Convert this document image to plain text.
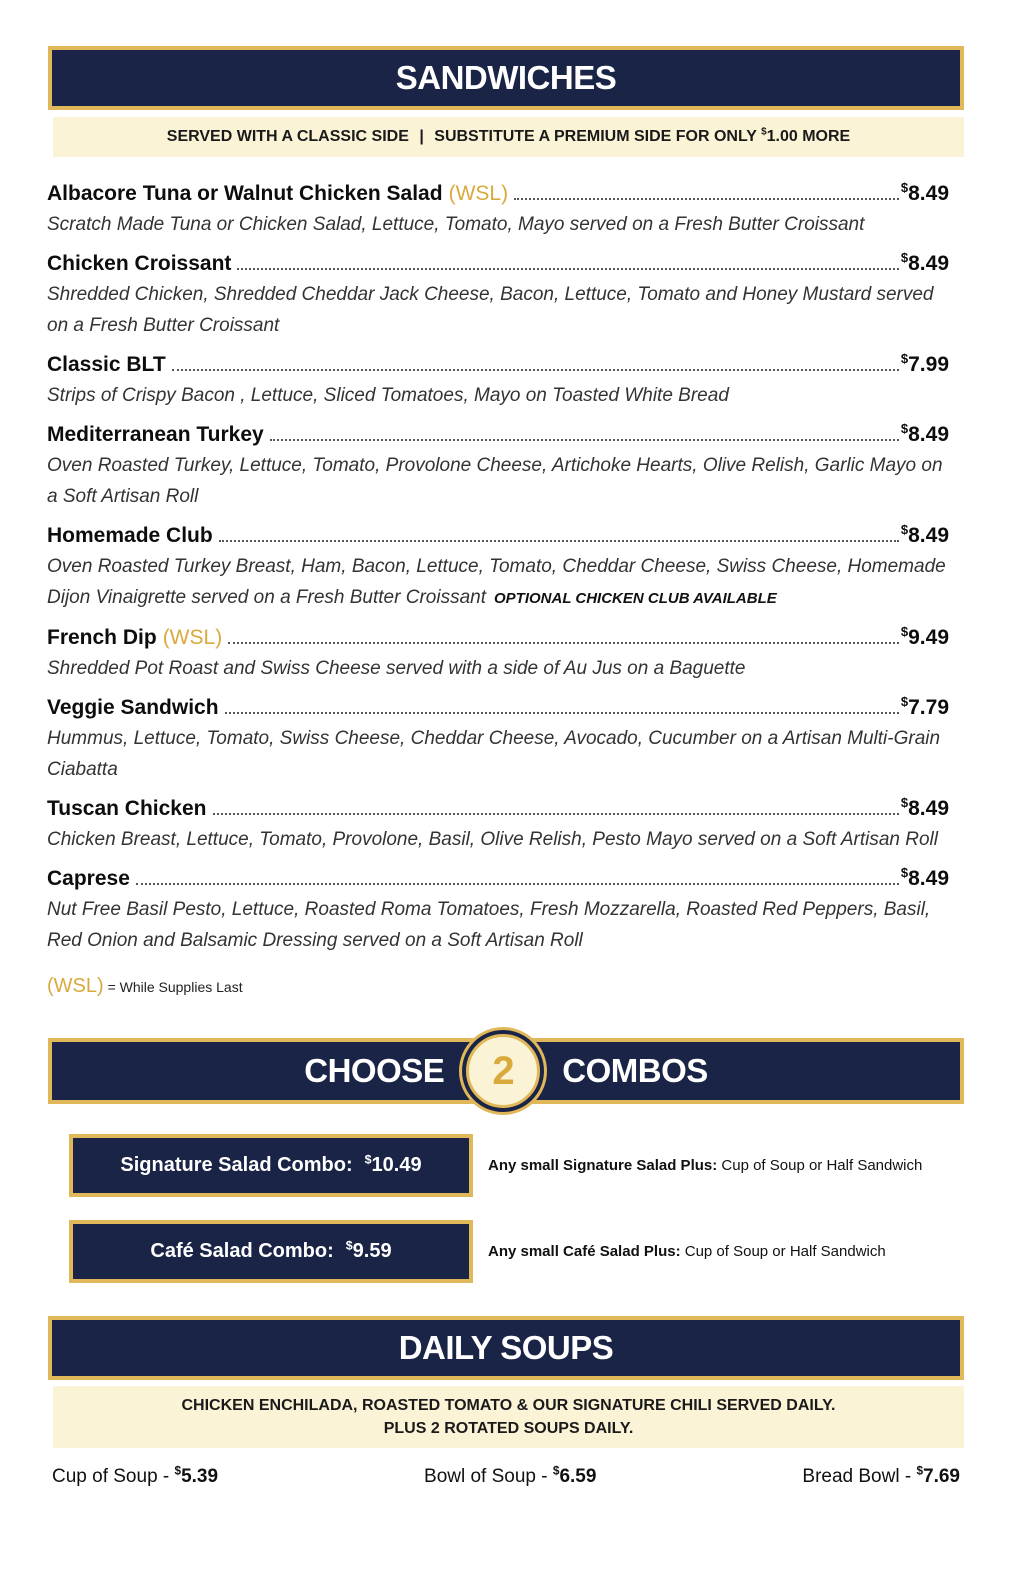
SANDWICHES
SERVED WITH A CLASSIC SIDE | SUBSTITUTE A PREMIUM SIDE FOR ONLY $1.00 MORE
Albacore Tuna or Walnut Chicken Salad (WSL)	$8.49
Scratch Made Tuna or Chicken Salad, Lettuce, Tomato, Mayo served on a Fresh Butter Croissant
Chicken Croissant	$8.49
Shredded Chicken, Shredded Cheddar Jack Cheese, Bacon, Lettuce, Tomato and Honey Mustard served on a Fresh Butter Croissant
Classic BLT	$7.99
Strips of Crispy Bacon , Lettuce, Sliced Tomatoes, Mayo on Toasted White Bread
Mediterranean Turkey	$8.49
Oven Roasted Turkey, Lettuce, Tomato, Provolone Cheese, Artichoke Hearts, Olive Relish, Garlic Mayo on a Soft Artisan Roll
Homemade Club	$8.49
Oven Roasted Turkey Breast, Ham, Bacon, Lettuce, Tomato, Cheddar Cheese, Swiss Cheese, Homemade Dijon Vinaigrette served on a Fresh Butter Croissant OPTIONAL CHICKEN CLUB AVAILABLE
French Dip (WSL)	$9.49
Shredded Pot Roast and Swiss Cheese served with a side of Au Jus on a Baguette
Veggie Sandwich	$7.79
Hummus, Lettuce, Tomato, Swiss Cheese, Cheddar Cheese, Avocado, Cucumber on a Artisan Multi-Grain Ciabatta
Tuscan Chicken	$8.49
Chicken Breast, Lettuce, Tomato, Provolone, Basil, Olive Relish, Pesto Mayo served on a Soft Artisan Roll
Caprese	$8.49
Nut Free Basil Pesto, Lettuce, Roasted Roma Tomatoes, Fresh Mozzarella, Roasted Red Peppers, Basil, Red Onion and Balsamic Dressing served on a Soft Artisan Roll
(WSL) = While Supplies Last
CHOOSE 2 COMBOS
Signature Salad Combo: $10.49	Any small Signature Salad Plus: Cup of Soup or Half Sandwich
Café Salad Combo: $9.59	Any small Café Salad Plus: Cup of Soup or Half Sandwich
DAILY SOUPS
CHICKEN ENCHILADA, ROASTED TOMATO & OUR SIGNATURE CHILI SERVED DAILY.
PLUS 2 ROTATED SOUPS DAILY.
Cup of Soup - $5.39	Bowl of Soup - $6.59	Bread Bowl - $7.69
